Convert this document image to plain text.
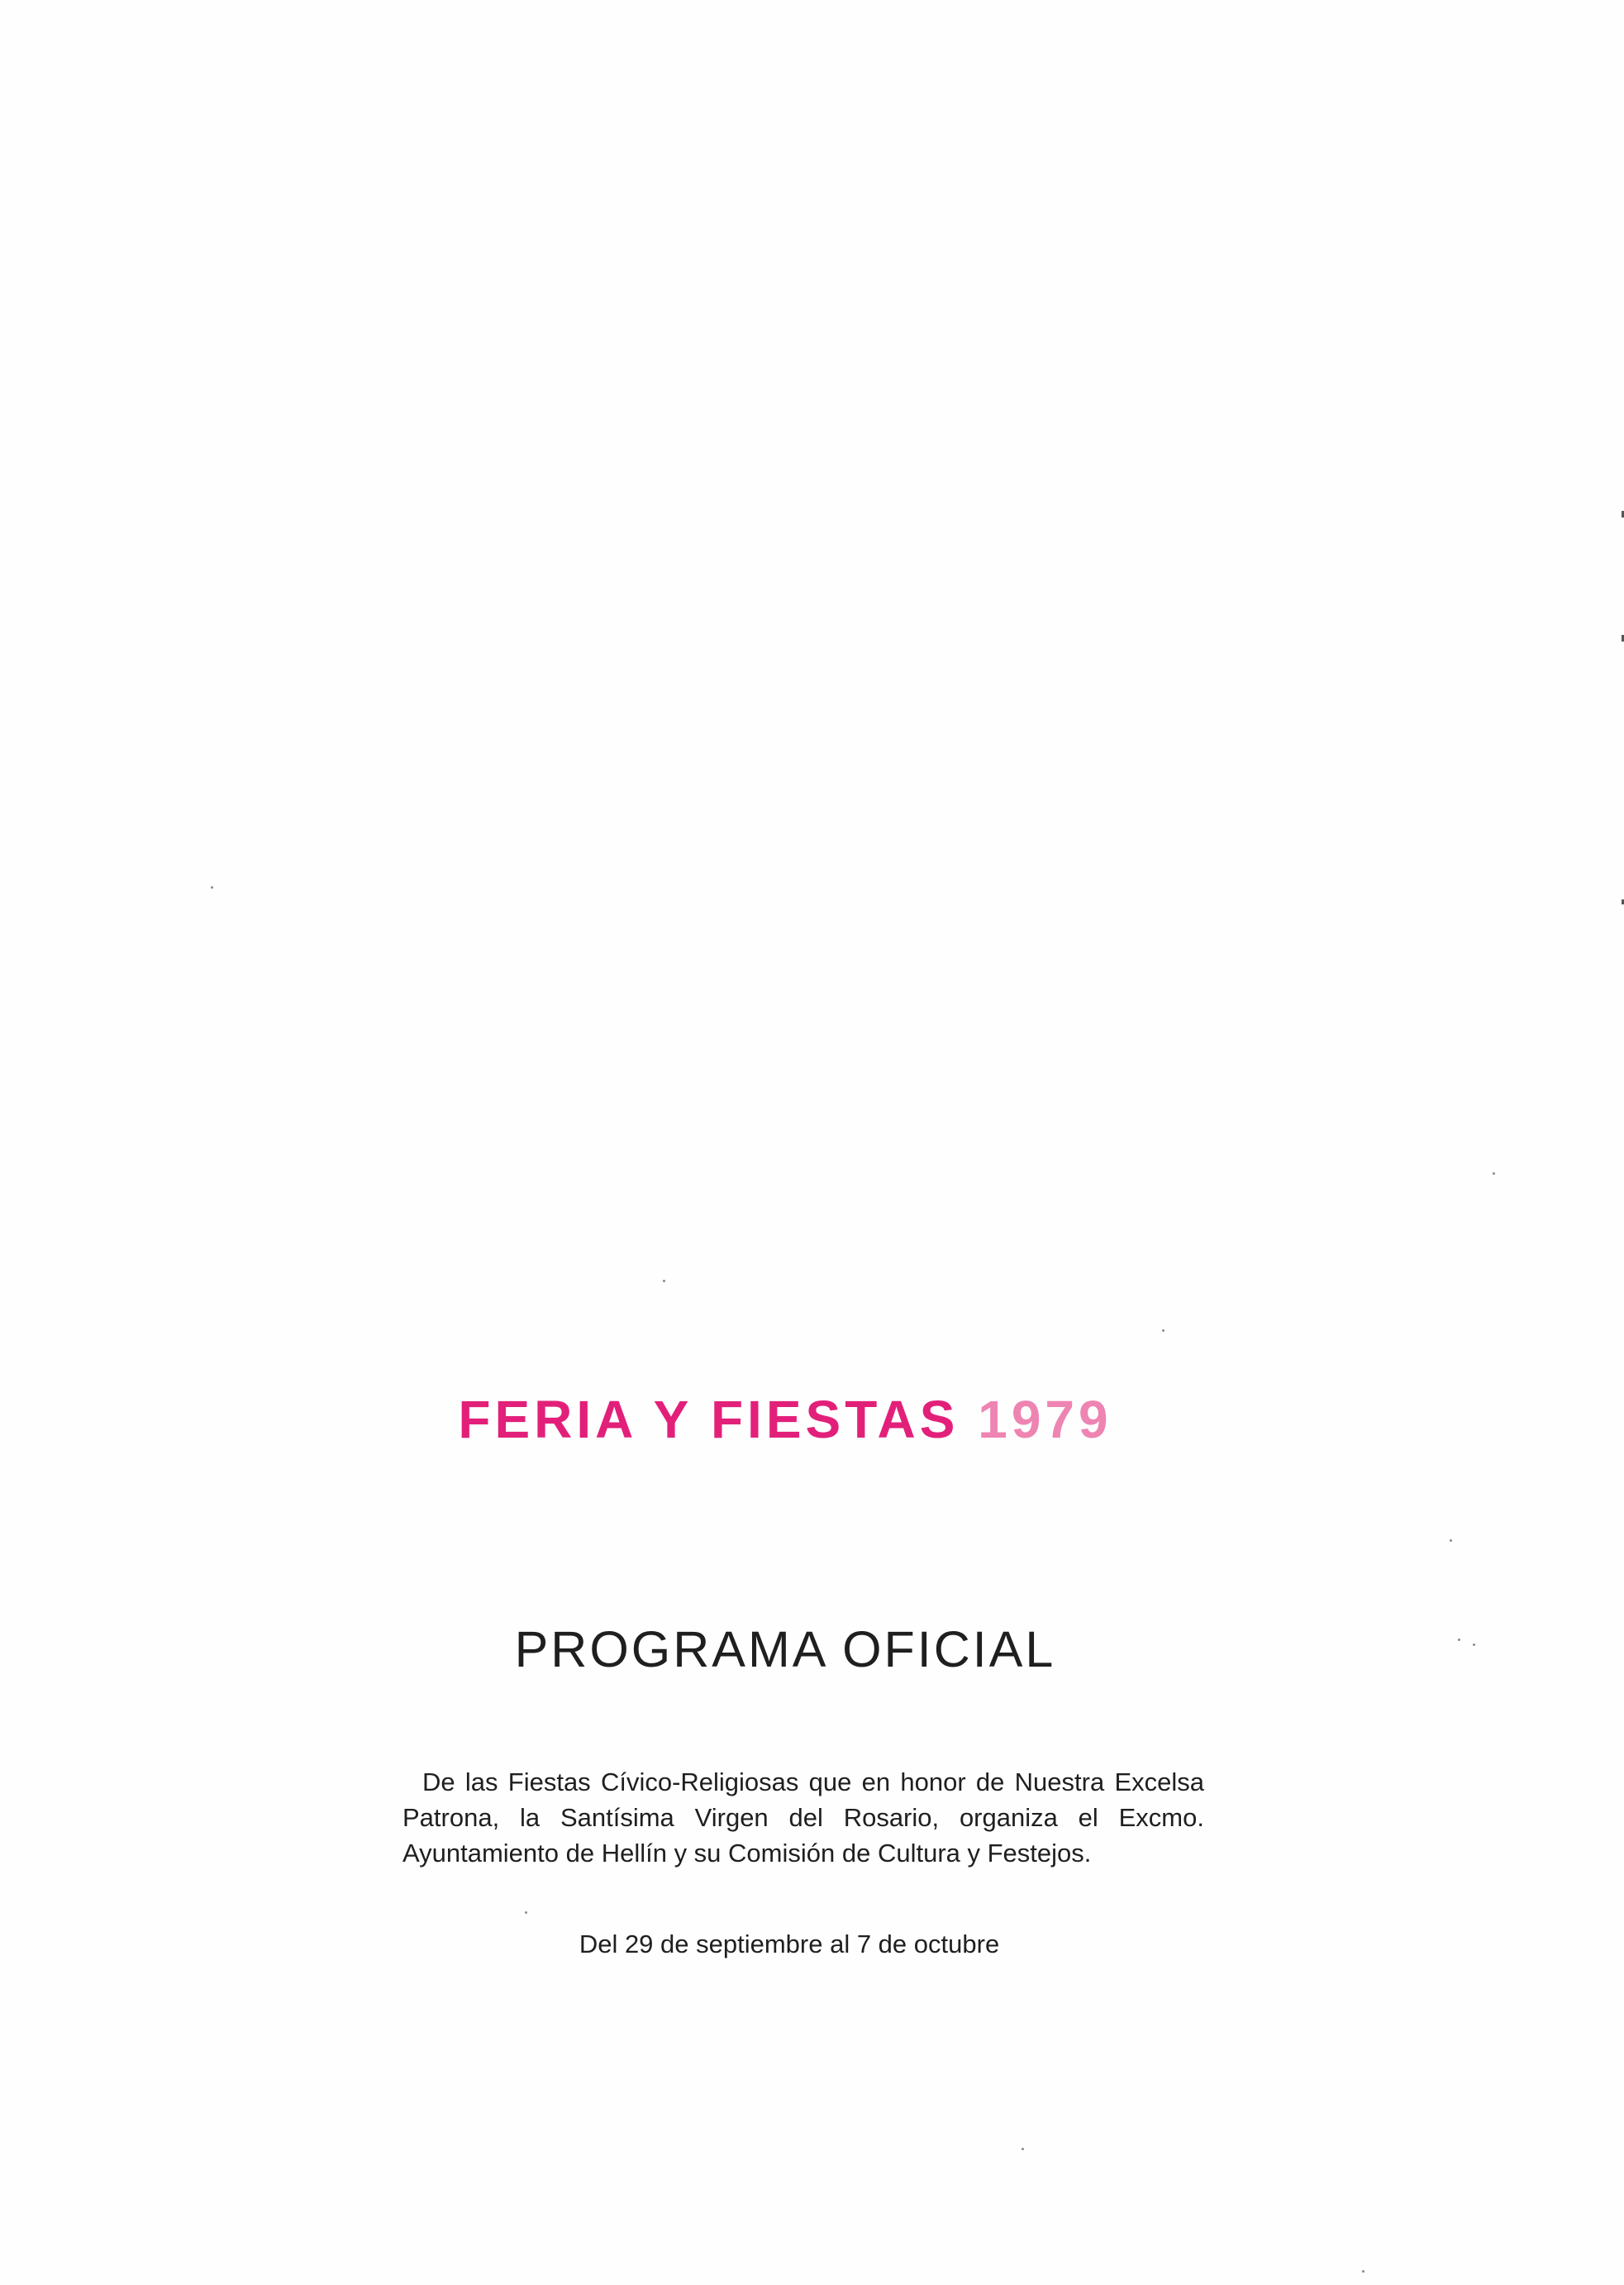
FERIA Y FIESTAS 1979
PROGRAMA OFICIAL

De las Fiestas Cívico-Religiosas que en honor de Nuestra Excelsa Patrona, la Santísima Virgen del Rosario, organiza el Excmo. Ayuntamiento de Hellín y su Comisión de Cultura y Festejos.

Del 29 de septiembre al 7 de octubre
